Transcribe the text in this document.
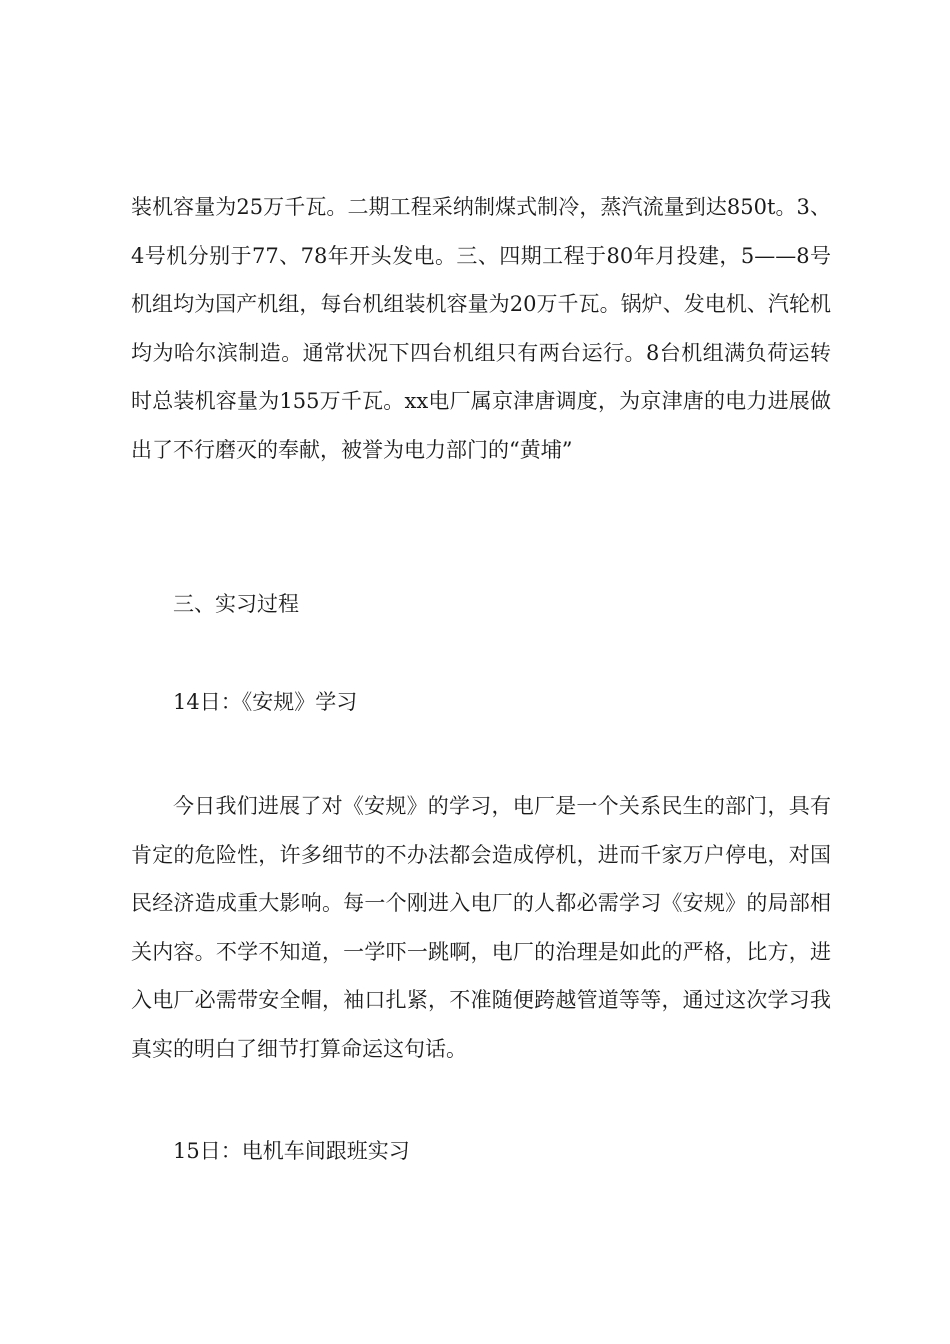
装机容量为25万千瓦。二期工程采纳制煤式制冷，蒸汽流量到达850t。3、4号机分别于77、78年开头发电。三、四期工程于80年月投建，5——8号机组均为国产机组，每台机组装机容量为20万千瓦。锅炉、发电机、汽轮机均为哈尔滨制造。通常状况下四台机组只有两台运行。8台机组满负荷运转时总装机容量为155万千瓦。xx电厂属京津唐调度，为京津唐的电力进展做出了不行磨灭的奉献，被誉为电力部门的“黄埔”

三、实习过程

14日：《安规》学习

今日我们进展了对《安规》的学习，电厂是一个关系民生的部门，具有肯定的危险性，许多细节的不办法都会造成停机，进而千家万户停电，对国民经济造成重大影响。每一个刚进入电厂的人都必需学习《安规》的局部相关内容。不学不知道，一学吓一跳啊，电厂的治理是如此的严格，比方，进入电厂必需带安全帽，袖口扎紧，不准随便跨越管道等等，通过这次学习我真实的明白了细节打算命运这句话。

15日：电机车间跟班实习
